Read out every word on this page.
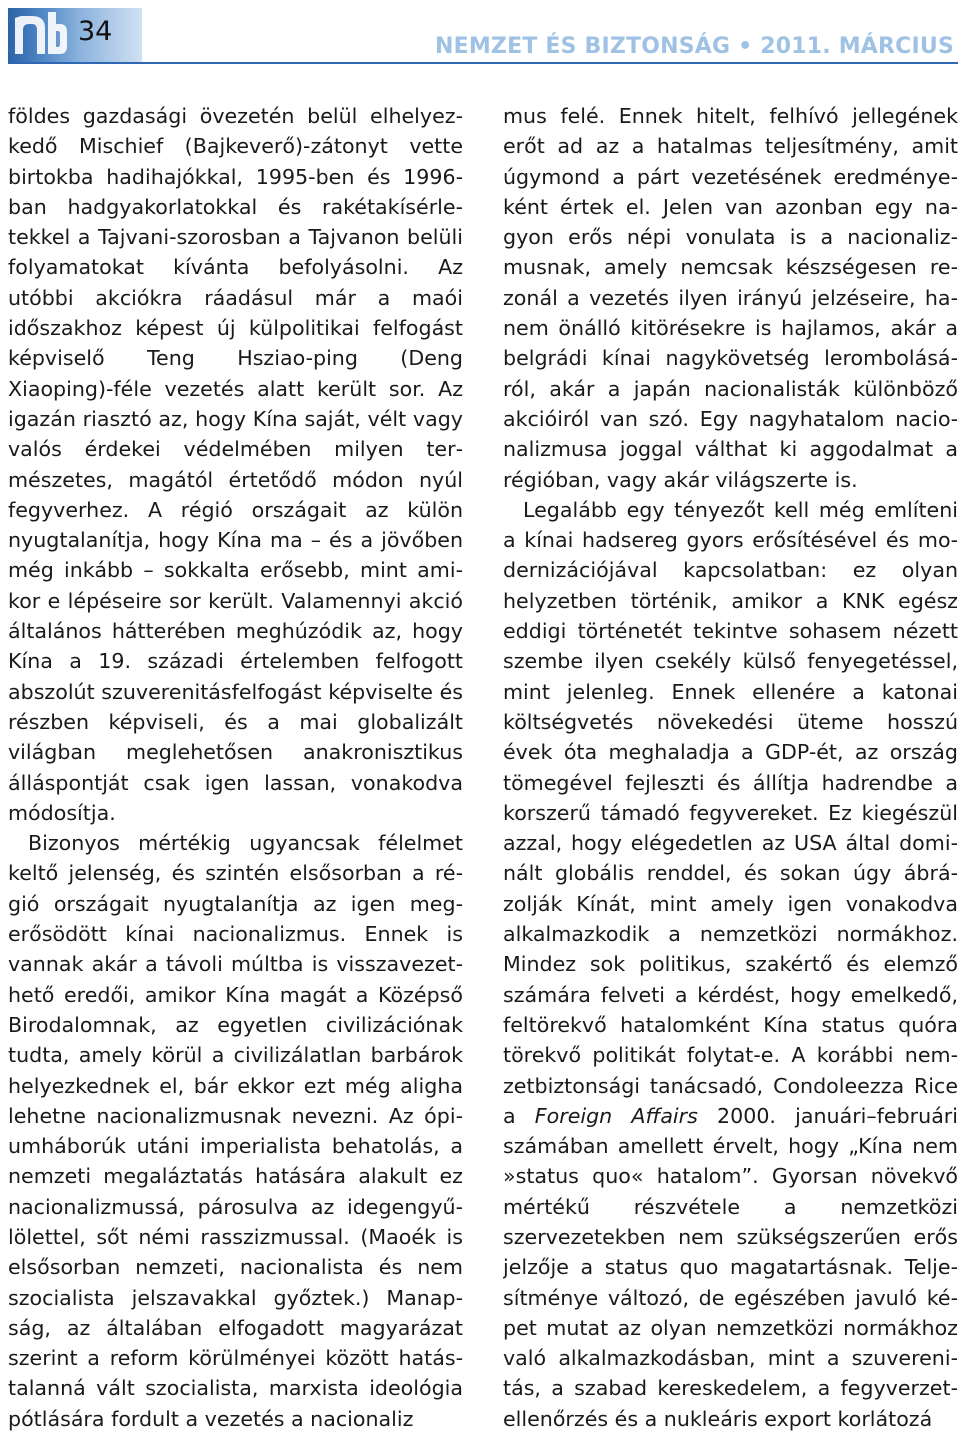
34	NEMZET ÉS BIZTONSÁG • 2011. MÁRCIUS

földes gazdasági övezetén belül elhelyezkedő Mischief (Bajkeverő)-zátonyt vette birtokba hadihajókkal, 1995-ben és 1996-ban hadgyakorlatokkal és rakétakísérletekkel a Tajvani-szorosban a Tajvanon belüli folyamatokat kívánta befolyásolni. Az utóbbi akciókra ráadásul már a maói időszakhoz képest új külpolitikai felfogást képviselő Teng Hsziao-ping (Deng Xiaoping)-féle vezetés alatt került sor. Az igazán riasztó az, hogy Kína saját, vélt vagy valós érdekei védelmében milyen természetes, magától értetődő módon nyúl fegyverhez. A régió országait az külön nyugtalanítja, hogy Kína ma – és a jövőben még inkább – sokkalta erősebb, mint amikor e lépéseire sor került. Valamennyi akció általános hátterében meghúzódik az, hogy Kína a 19. századi értelemben felfogott abszolút szuverenitásfelfogást képviselte és részben képviseli, és a mai globalizált világban meglehetősen anakronisztikus álláspontját csak igen lassan, vonakodva módosítja.

Bizonyos mértékig ugyancsak félelmet keltő jelenség, és szintén elsősorban a régió országait nyugtalanítja az igen megerősödött kínai nacionalizmus. Ennek is vannak akár a távoli múltba is visszavezethető eredői, amikor Kína magát a Középső Birodalomnak, az egyetlen civilizációnak tudta, amely körül a civilizálatlan barbárok helyezkednek el, bár ekkor ezt még aligha lehetne nacionalizmusnak nevezni. Az ópiumháborúk utáni imperialista behatolás, a nemzeti megaláztatás hatására alakult ez nacionalizmussá, párosulva az idegengyűlölettel, sőt némi rasszizmussal. (Maoék is elsősorban nemzeti, nacionalista és nem szocialista jelszavakkal győztek.) Manapság, az általában elfogadott magyarázat szerint a reform körülményei között hatástalanná vált szocialista, marxista ideológia pótlására fordult a vezetés a nacionaliz

mus felé. Ennek hitelt, felhívó jellegének erőt ad az a hatalmas teljesítmény, amit úgymond a párt vezetésének eredményeként értek el. Jelen van azonban egy nagyon erős népi vonulata is a nacionalizmusnak, amely nemcsak készségesen rezonál a vezetés ilyen irányú jelzéseire, hanem önálló kitörésekre is hajlamos, akár a belgrádi kínai nagykövetség lerombolásáról, akár a japán nacionalisták különböző akcióiról van szó. Egy nagyhatalom nacionalizmusa joggal válthat ki aggodalmat a régióban, vagy akár világszerte is.

Legalább egy tényezőt kell még említeni a kínai hadsereg gyors erősítésével és modernizációjával kapcsolatban: ez olyan helyzetben történik, amikor a KNK egész eddigi történetét tekintve sohasem nézett szembe ilyen csekély külső fenyegetéssel, mint jelenleg. Ennek ellenére a katonai költségvetés növekedési üteme hosszú évek óta meghaladja a GDP-ét, az ország tömegével fejleszti és állítja hadrendbe a korszerű támadó fegyvereket. Ez kiegészül azzal, hogy elégedetlen az USA által dominált globális renddel, és sokan úgy ábrázolják Kínát, mint amely igen vonakodva alkalmazkodik a nemzetközi normákhoz. Mindez sok politikus, szakértő és elemző számára felveti a kérdést, hogy emelkedő, feltörekvő hatalomként Kína status quóra törekvő politikát folytat-e. A korábbi nemzetbiztonsági tanácsadó, Condoleezza Rice a Foreign Affairs 2000. januári–februári számában amellett érvelt, hogy „Kína nem »status quo« hatalom”. Gyorsan növekvő mértékű részvétele a nemzetközi szervezetekben nem szükségszerűen erős jelzője a status quo magatartásnak. Teljesítménye változó, de egészében javuló képet mutat az olyan nemzetközi normákhoz való alkalmazkodásban, mint a szuverenitás, a szabad kereskedelem, a fegyverzetellenőrzés és a nukleáris export korlátozá
